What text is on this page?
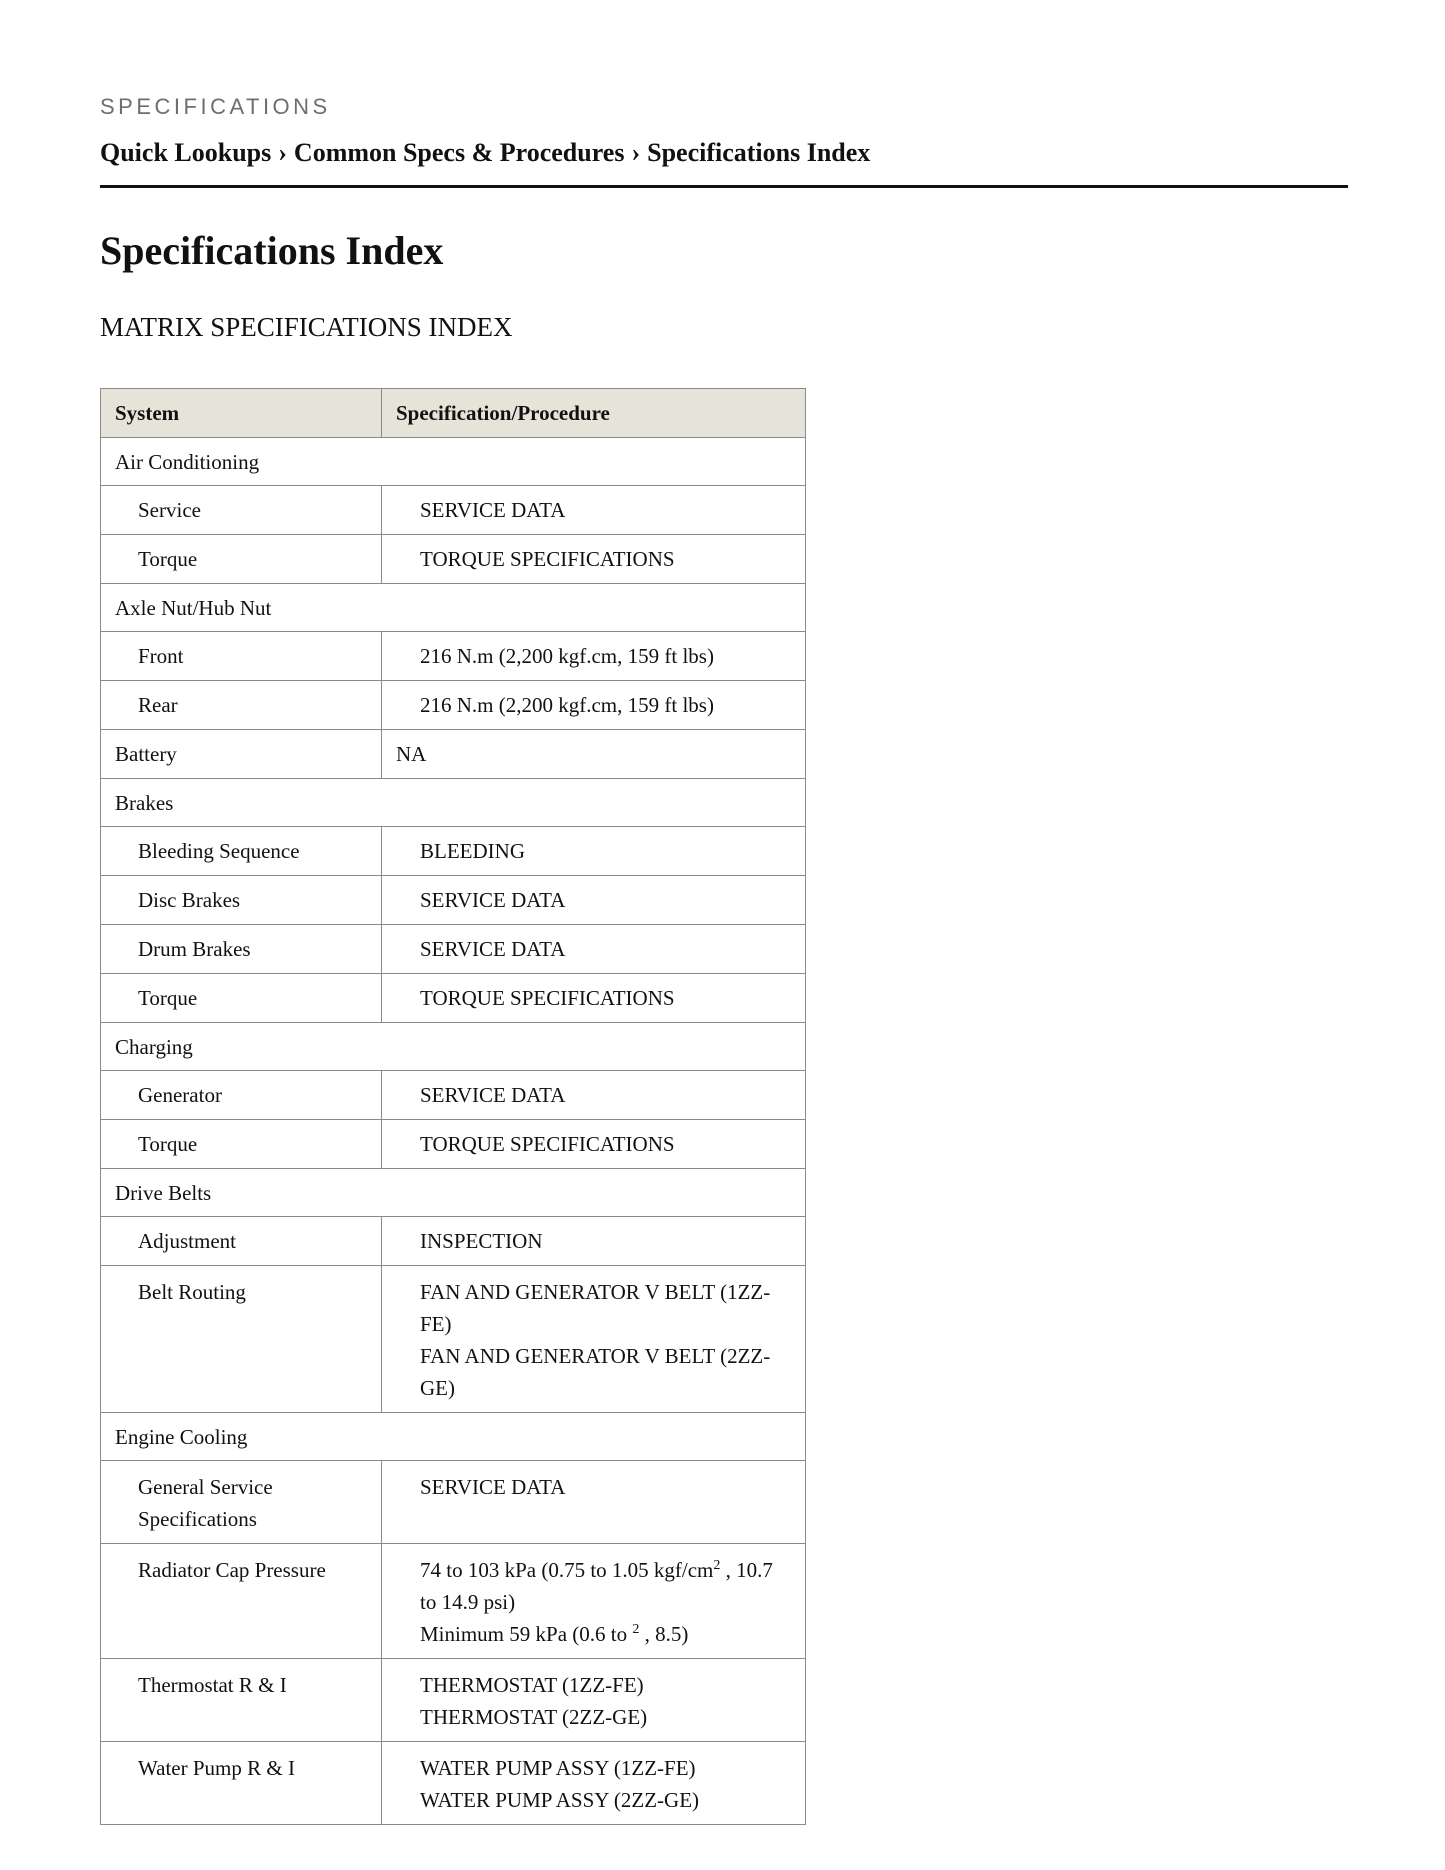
SPECIFICATIONS

Quick Lookups › Common Specs & Procedures › Specifications Index
Specifications Index
MATRIX SPECIFICATIONS INDEX
System	Specification/Procedure
Air Conditioning	
Service	SERVICE DATA
Torque	TORQUE SPECIFICATIONS
Axle Nut/Hub Nut	
Front	216 N.m (2,200 kgf.cm, 159 ft lbs)
Rear	216 N.m (2,200 kgf.cm, 159 ft lbs)
Battery	NA
Brakes	
Bleeding Sequence	BLEEDING
Disc Brakes	SERVICE DATA
Drum Brakes	SERVICE DATA
Torque	TORQUE SPECIFICATIONS
Charging	
Generator	SERVICE DATA
Torque	TORQUE SPECIFICATIONS
Drive Belts	
Adjustment	INSPECTION
Belt Routing	FAN AND GENERATOR V BELT (1ZZ-FE)
FAN AND GENERATOR V BELT (2ZZ-GE)

Engine Cooling	
General Service Specifications	SERVICE DATA
Radiator Cap Pressure	74 to 103 kPa (0.75 to 1.05 kgf/$cm^2$ , 10.7 to 14.9 psi)
Minimum 59 kPa (0.6 to $^2$ , 8.5)

Thermostat R & I	THERMOSTAT (1ZZ-FE)
THERMOSTAT (2ZZ-GE)

Water Pump R & I	WATER PUMP ASSY (1ZZ-FE)
WATER PUMP ASSY (2ZZ-GE)
